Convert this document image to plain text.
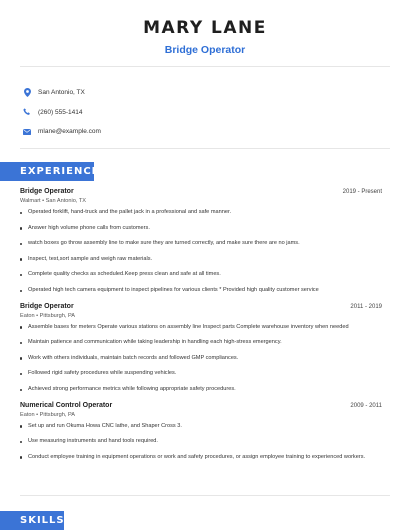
MARY LANE
Bridge Operator
San Antonio, TX
(260) 555-1414
mlane@example.com
EXPERIENCE
Bridge Operator	2019 - Present
Walmart • San Antonio, TX
Operated forklift, hand-truck and the pallet jack in a professional and safe manner.
Answer high volume phone calls from customers.
watch boxes go throw assembly line to make sure they are turned correctly, and make sure there are no jams.
Inspect, test,sort sample and weigh raw materials.
Complete quality checks as scheduled.Keep press clean and safe at all times.
Operated high tech camera equipment to inspect pipelines for various clients * Provided high quality customer service
Bridge Operator	2011 - 2019
Eaton • Pittsburgh, PA
Assemble bases for meters Operate various stations on assembly line Inspect parts Complete warehouse inventory when needed
Maintain patience and communication while taking leadership in handling each high-stress emergency.
Work with others individuals, maintain batch records and followed GMP compliances.
Followed rigid safety procedures while suspending vehicles.
Achieved strong performance metrics while following appropriate safety procedures.
Numerical Control Operator	2009 - 2011
Eaton • Pittsburgh, PA
Set up and run Okuma Howa CNC lathe, and Shaper Cross 3.
Use measuring instruments and hand tools required.
Conduct employee training in equipment operations or work and safety procedures, or assign employee training to experienced workers.
SKILLS
